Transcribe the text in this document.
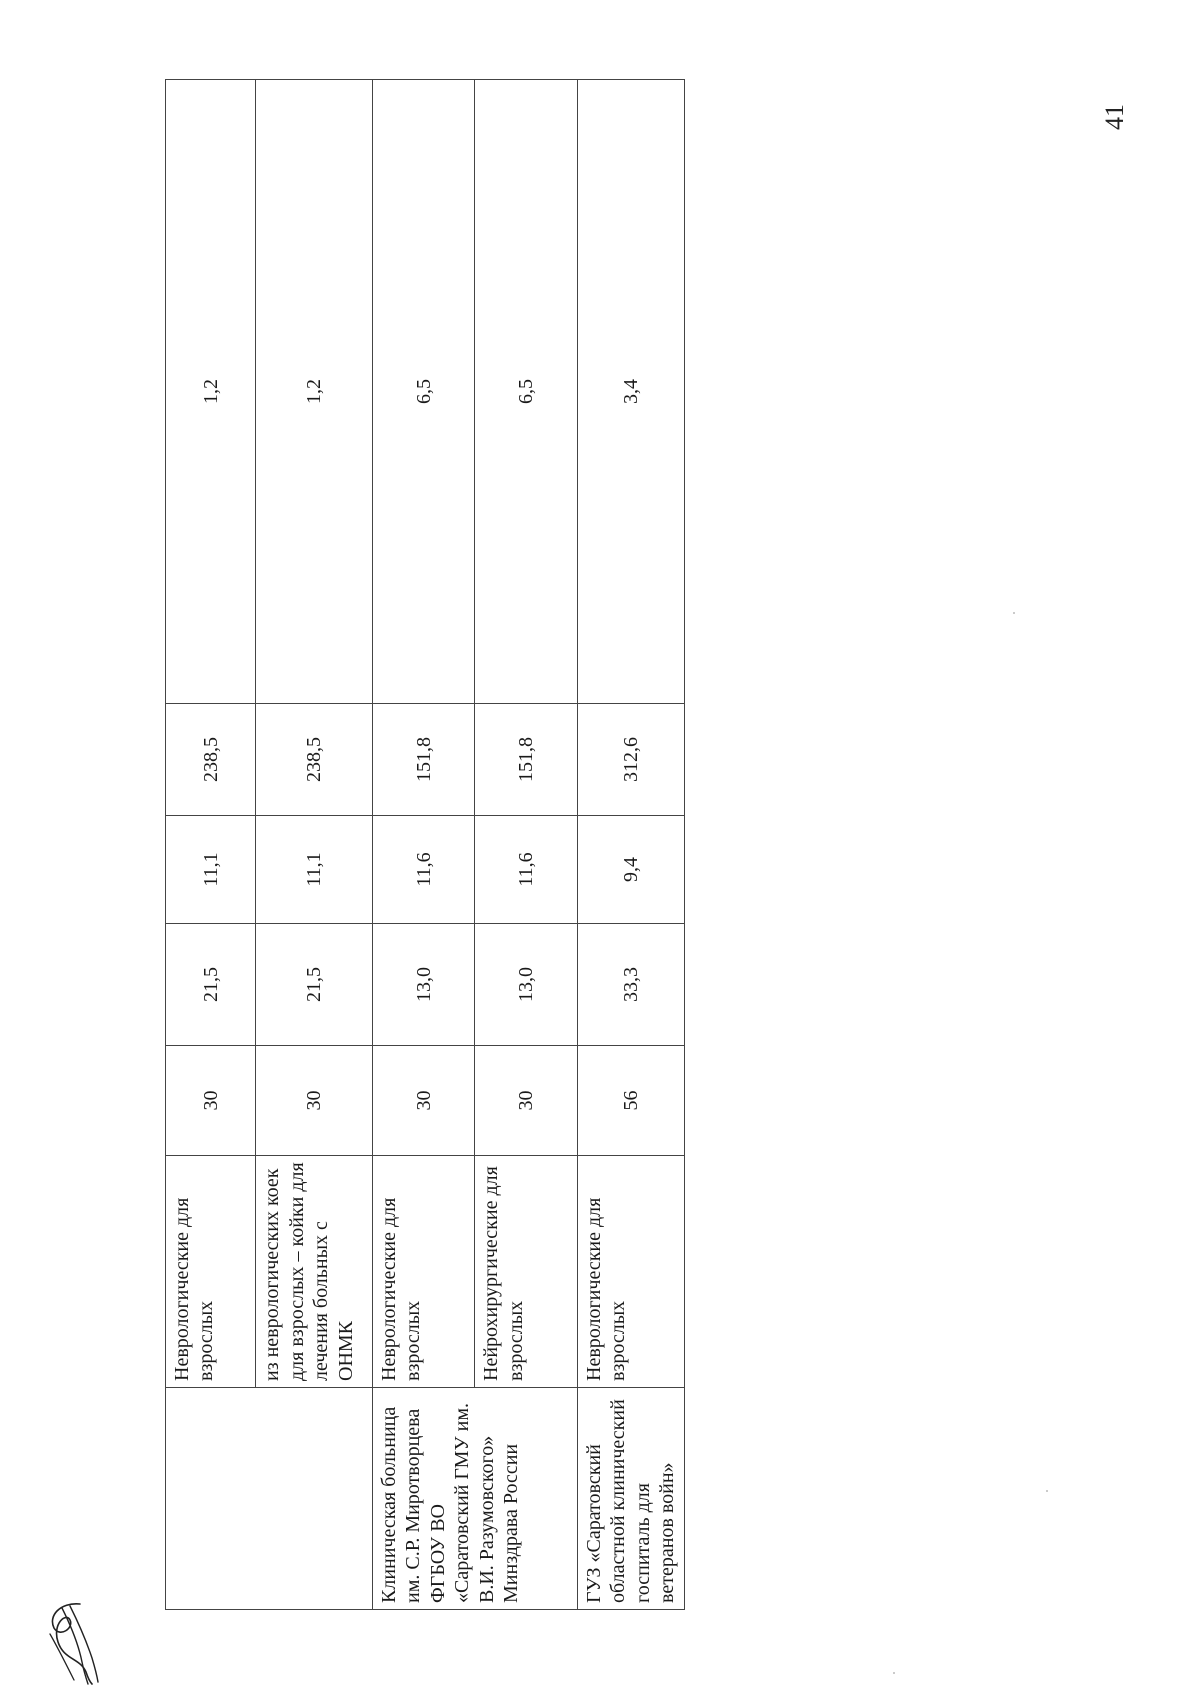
	Неврологические для взрослых	30	21,5	11,1	238,5	1,2
	из неврологических коек для взрослых – койки для лечения больных с ОНМК	30	21,5	11,1	238,5	1,2
Клиническая больница им. С.Р. Миротворцева ФГБОУ ВО «Саратовский ГМУ им. В.И. Разумовского» Минздрава России	Неврологические для взрослых	30	13,0	11,6	151,8	6,5
	Нейрохирургические для взрослых	30	13,0	11,6	151,8	6,5
ГУЗ «Саратовский областной клинический госпиталь для ветеранов войн»	Неврологические для взрослых	56	33,3	9,4	312,6	3,4
41
